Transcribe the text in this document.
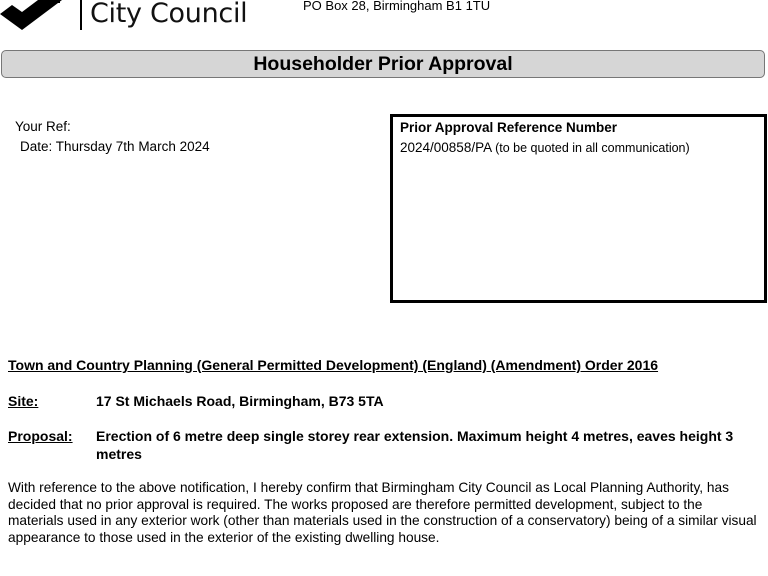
City Council	PO Box 28, Birmingham B1 1TU
Householder Prior Approval
Your Ref:
Date: Thursday 7th March 2024
Prior Approval Reference Number
2024/00858/PA (to be quoted in all communication)
Town and Country Planning (General Permitted Development) (England) (Amendment) Order 2016
Site:	17 St Michaels Road, Birmingham, B73 5TA
Proposal: Erection of 6 metre deep single storey rear extension. Maximum height 4 metres, eaves height 3 metres
With reference to the above notification, I hereby confirm that Birmingham City Council as Local Planning Authority, has decided that no prior approval is required. The works proposed are therefore permitted development, subject to the materials used in any exterior work (other than materials used in the construction of a conservatory) being of a similar visual appearance to those used in the exterior of the existing dwelling house.
